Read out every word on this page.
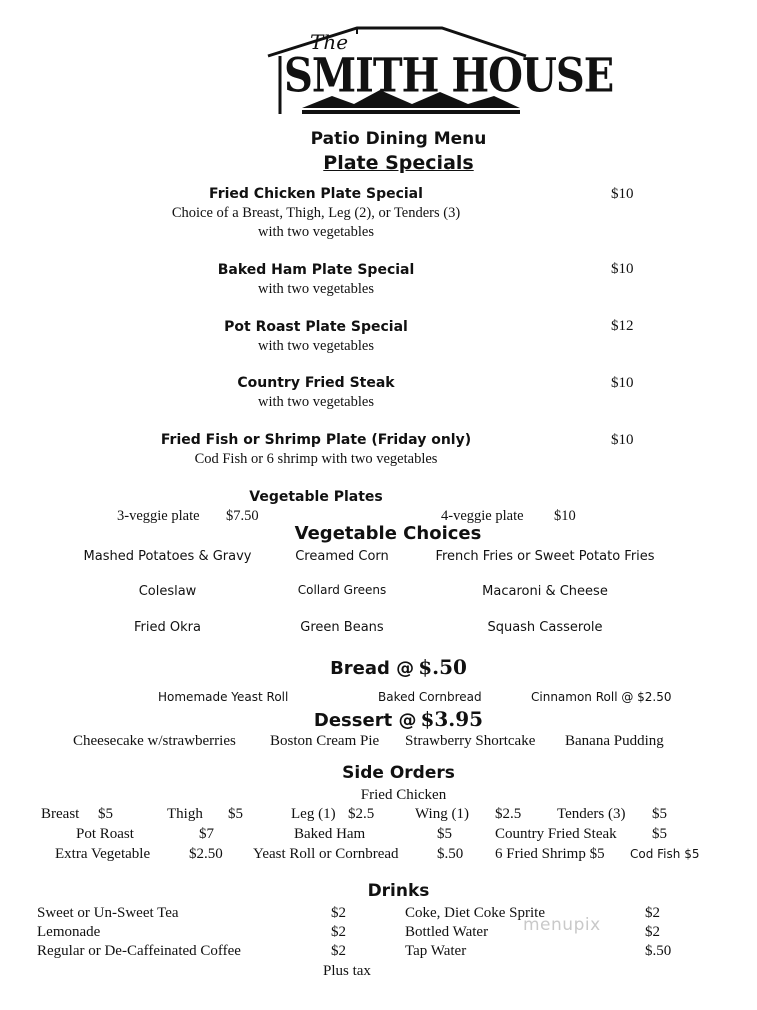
The
SMITH HOUSE
Patio Dining Menu
Plate Specials
Fried Chicken Plate Special
Choice of a Breast, Thigh, Leg (2), or Tenders (3)
with two vegetables
$10
Baked Ham Plate Special
with two vegetables
$10
Pot Roast Plate Special
with two vegetables
$12
Country Fried Steak
with two vegetables
$10
Fried Fish or Shrimp Plate (Friday only)
Cod Fish or 6 shrimp with two vegetables
$10
Vegetable Plates
3-veggie plate $7.50	4-veggie plate $10
Vegetable Choices
Mashed Potatoes & Gravy	Creamed Corn	French Fries or Sweet Potato Fries
Coleslaw	Collard Greens	Macaroni & Cheese
Fried Okra	Green Beans	Squash Casserole
Bread @ $.50
Homemade Yeast Roll	Baked Cornbread	Cinnamon Roll @ $2.50
Dessert @ $3.95
Cheesecake w/strawberries Boston Cream Pie Strawberry Shortcake Banana Pudding
Side Orders
Fried Chicken
Breast $5	Thigh $5	Leg (1) $2.5	Wing (1) $2.5 Tenders (3) $5
Pot Roast	$7	Baked Ham	$5	Country Fried Steak $5
Extra Vegetable	$2.50 Yeast Roll or Cornbread	$.50 6 Fried Shrimp $5 Cod Fish $5
Drinks
Sweet or Un-Sweet Tea	$2
Lemonade	$2
Regular or De-Caffeinated Coffee	$2
Coke, Diet Coke Sprite	$2
Bottled Water	$2
Tap Water	$.50
Plus tax
menupix
